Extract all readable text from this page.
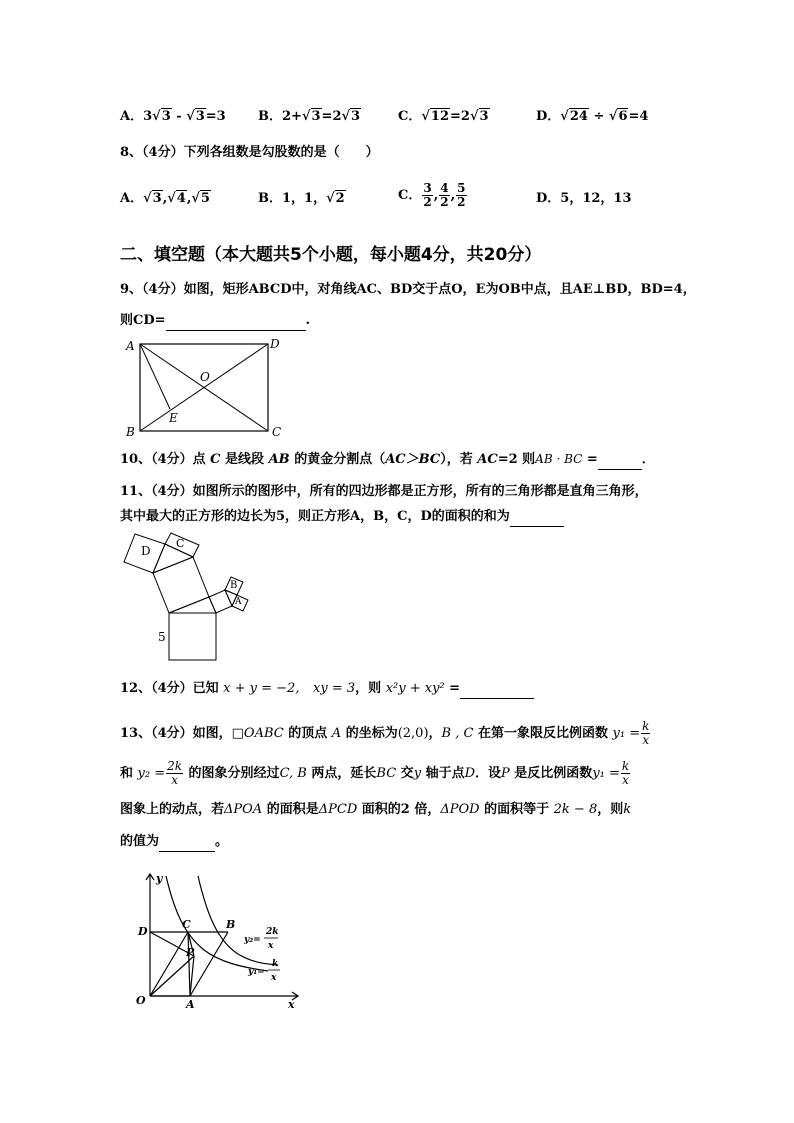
A．3√3 - √3=3 B．2+√3=2√3	C．√12=2√3	D．√24 ÷ √6=4
8、（4分）下列各组数是勾股数的是（　　）
A．√3,√4,√5	B．1，1，√2	C． $\frac{3}{2}$ , $\frac{4}{2}$ , $\frac{5}{2}$	D．5，12，13
二、填空题（本大题共5个小题，每小题4分，共20分）
9、（4分）如图，矩形ABCD中，对角线AC、BD交于点O，E为OB中点，且AE⊥BD，BD=4，
则CD=	.
A	D
B	C
O
E
10、（4分）点 C 是线段 AB 的黄金分割点（AC＞BC），若 AC=2 则AB · BC =	．
11、（4分）如图所示的图形中，所有的四边形都是正方形，所有的三角形都是直角三角形，
其中最大的正方形的边长为5，则正方形A，B，C，D的面积的和为
D
C
B
A
5
12、（4分）已知 x + y = −2, xy = 3，则 x²y + xy² =
13、（4分）如图，□OABC 的顶点 A 的坐标为(2,0)，B , C 在第一象限反比例函数 $y_1 = \frac{k}{x}$
和 $y_2 = \frac{2k}{x}$ 的图象分别经过C, B 两点，延长BC 交y 轴于点D．设P 是反比例函数$y_1 = \frac{k}{x}$
图象上的动点，若ΔPOA 的面积是ΔPCD 面积的2 倍，ΔPOD 的面积等于 2k − 8，则k
的值为	。
y
x
O	A
D
C	B
P
y₂=
2k
x
y₁=
k
x
